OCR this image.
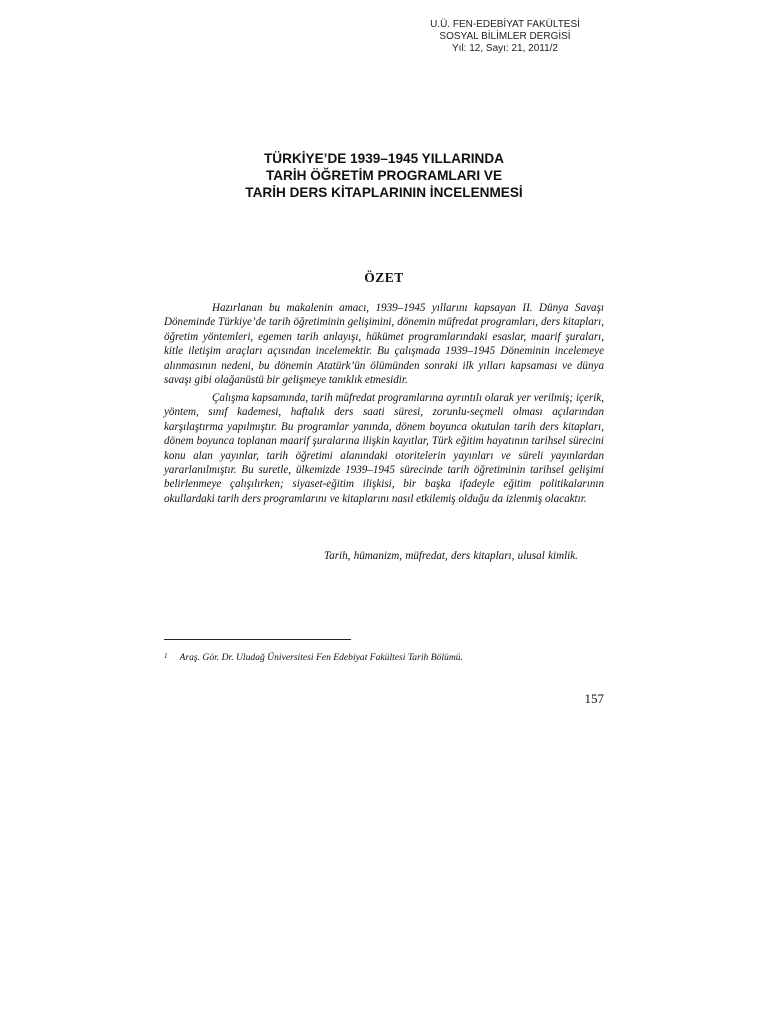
U.Ü. FEN-EDEBİYAT FAKÜLTESİ
SOSYAL BİLİMLER DERGİSİ
Yıl: 12, Sayı: 21, 2011/2
TÜRKİYE’DE 1939–1945 YILLARINDA
TARİH ÖĞRETİM PROGRAMLARI VE
TARİH DERS KİTAPLARININ İNCELENMESİ
ÖZET

Hazırlanan bu makalenin amacı, 1939–1945 yıllarını kapsayan II. Dünya Savaşı Döneminde Türkiye’de tarih öğretiminin gelişimini, dönemin müfredat programları, ders kitapları, öğretim yöntemleri, egemen tarih anlayışı, hükümet programlarındaki esaslar, maarif şuraları, kitle iletişim araçları açısından incelemektir. Bu çalışmada 1939–1945 Döneminin incelemeye alınmasının nedeni, bu dönemin Atatürk’ün ölümünden sonraki ilk yılları kapsaması ve dünya savaşı gibi olağanüstü bir gelişmeye tanıklık etmesidir.

Çalışma kapsamında, tarih müfredat programlarına ayrıntılı olarak yer verilmiş; içerik, yöntem, sınıf kademesi, haftalık ders saati süresi, zorunlu-seçmeli olması açılarından karşılaştırma yapılmıştır. Bu programlar yanında, dönem boyunca okutulan tarih ders kitapları, dönem boyunca toplanan maarif şuralarına ilişkin kayıtlar, Türk eğitim hayatının tarihsel sürecini konu alan yayınlar, tarih öğretimi alanındaki otoritelerin yayınları ve süreli yayınlardan yararlanılmıştır. Bu suretle, ülkemizde 1939–1945 sürecinde tarih öğretiminin tarihsel gelişimi belirlenmeye çalışılırken; siyaset-eğitim ilişkisi, bir başka ifadeyle eğitim politikalarının okullardaki tarih ders programlarını ve kitaplarını nasıl etkilemiş olduğu da izlenmiş olacaktır.

Tarih, hümanizm, müfredat, ders kitapları, ulusal kimlik.
$^1$ Araş. Gör. Dr. Uludağ Üniversitesi Fen Edebiyat Fakültesi Tarih Bölümü.
157
